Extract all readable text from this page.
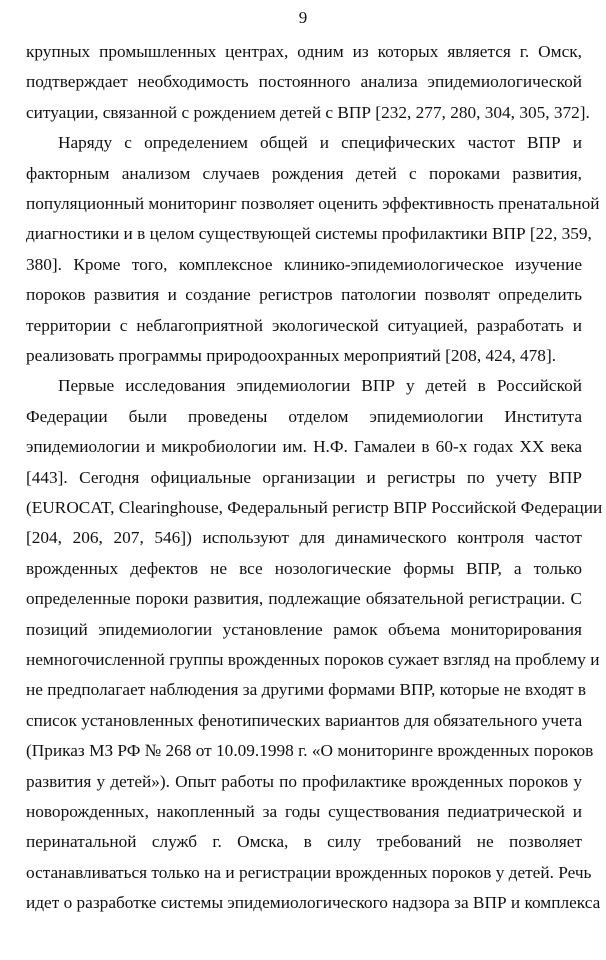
9
крупных промышленных центрах, одним из которых является г. Омск,
подтверждает необходимость постоянного анализа эпидемиологической
ситуации, связанной с рождением детей с ВПР [232, 277, 280, 304, 305, 372].
Наряду с определением общей и специфических частот ВПР и
факторным анализом случаев рождения детей с пороками развития,
популяционный мониторинг позволяет оценить эффективность пренатальной
диагностики и в целом существующей системы профилактики ВПР [22, 359,
380]. Кроме того, комплексное клинико-эпидемиологическое изучение
пороков развития и создание регистров патологии позволят определить
территории с неблагоприятной экологической ситуацией, разработать и
реализовать программы природоохранных мероприятий [208, 424, 478].
Первые исследования эпидемиологии ВПР у детей в Российской
Федерации были проведены отделом эпидемиологии Института
эпидемиологии и микробиологии им. Н.Ф. Гамалеи в 60-х годах XX века
[443]. Сегодня официальные организации и регистры по учету ВПР
(EUROCAT, Clearinghouse, Федеральный регистр ВПР Российской Федерации
[204, 206, 207, 546]) используют для динамического контроля частот
врожденных дефектов не все нозологические формы ВПР, а только
определенные пороки развития, подлежащие обязательной регистрации. С
позиций эпидемиологии установление рамок объема мониторирования
немногочисленной группы врожденных пороков сужает взгляд на проблему и
не предполагает наблюдения за другими формами ВПР, которые не входят в
список установленных фенотипических вариантов для обязательного учета
(Приказ МЗ РФ № 268 от 10.09.1998 г. «О мониторинге врожденных пороков
развития у детей»). Опыт работы по профилактике врожденных пороков у
новорожденных, накопленный за годы существования педиатрической и
перинатальной служб г. Омска, в силу требований не позволяет
останавливаться только на и регистрации врожденных пороков у детей. Речь
идет о разработке системы эпидемиологического надзора за ВПР и комплекса
